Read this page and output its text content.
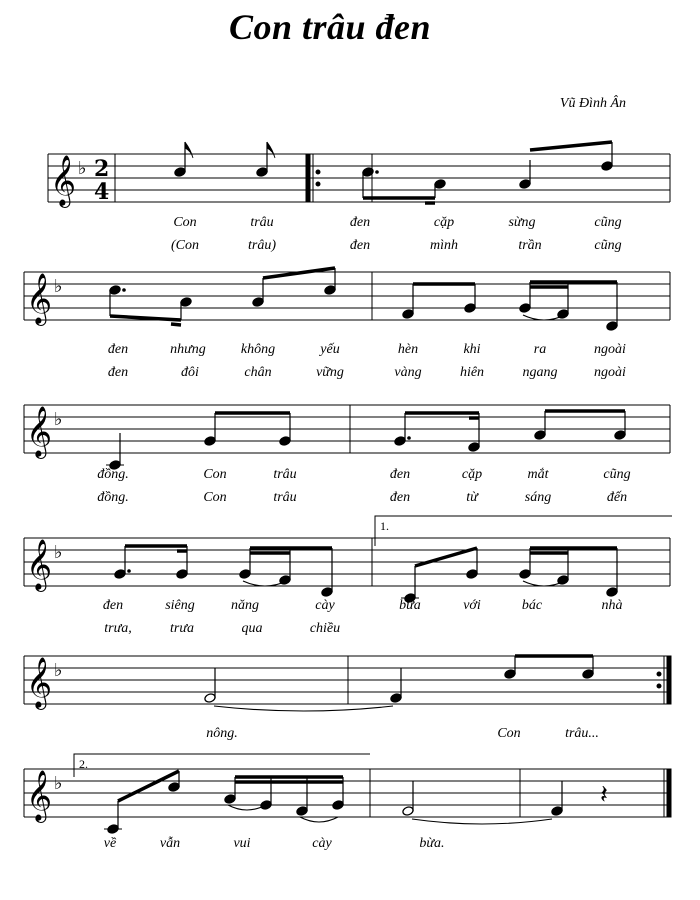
Con trâu đen
Vũ Đình Ân
𝄞 ♭
𝄞 ♭
𝄞 ♭
𝄞 ♭
𝄞 ♭
𝄞 ♭
2
4
1.
2.
𝄽
Con	trâu	đen	cặp	sừng	cũng
(Con	trâu)	đen	mình	trần	cũng
đen	nhưng	không	yếu	hèn	khi	ra	ngoài
đen	đôi	chân	vững	vàng	hiên	ngang	ngoài
đồng.	Con	trâu	đen	cặp	mắt	cũng
đồng.	Con	trâu	đen	từ	sáng	đến
đen	siêng	năng	cày	bừa	với	bác	nhà
trưa,	trưa	qua	chiều
nông.	Con	trâu...
về	vẫn	vui	cày	bừa.
